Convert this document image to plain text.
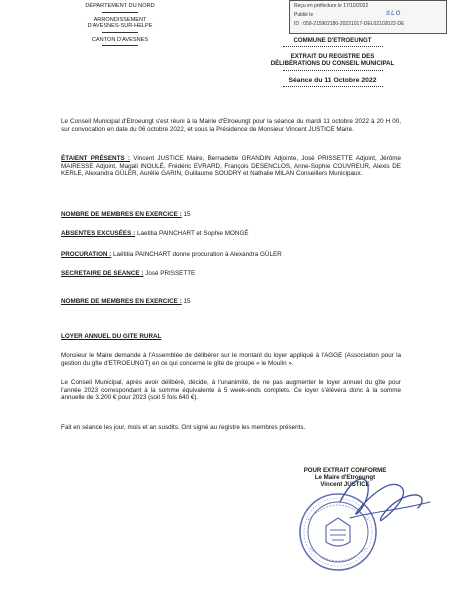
Reçu en préfecture le 17/10/2022
Publié le	SLO
ID : 059-215902180-20221017-DEL02102022-DE
DÉPARTEMENT DU NORD
ARRONDISSEMENT
D'AVESNES-SUR-HELPE
CANTON D'AVESNES	COMMUNE D'ETROEUNGT
EXTRAIT DU REGISTRE DES
DÉLIBÉRATIONS DU CONSEIL MUNICIPAL
Séance du 11 Octobre 2022
Le Conseil Municipal d'Etroeungt s'est réuni à la Mairie d'Etroeungt pour la séance du mardi 11 octobre 2022 à 20 H 00, sur convocation en date du 06 octobre 2022, et sous la Présidence de Monsieur Vincent JUSTICE Maire.
ÉTAIENT PRÉSENTS : Vincent JUSTICE Maire, Bernadette GRANDIN Adjointe, José PRISSETTE Adjoint, Jérôme MAIRESSE Adjoint, Magali INOULÉ, Frédéric EVRARD, François DESENCLOS, Anne-Sophie COUVREUR, Alexis DE KERLE, Alexandra GÜLER, Aurélie GARIN, Guillaume SOUDRY et Nathalie MILAN Conseillers Municipaux.
NOMBRE DE MEMBRES EN EXERCICE : 15
ABSENTES EXCUSÉES : Laetitia PAINCHART et Sophie MONGÉ
PROCURATION : Laëtitia PAINCHART donne procuration à Alexandra GÜLER
SECRETAIRE DE SEANCE : José PRISSETTE
NOMBRE DE MEMBRES EN EXERCICE : 15
LOYER ANNUEL DU GITE RURAL
Monsieur le Maire demande à l'Assemblée de délibérer sur le montant du loyer appliqué à l'AGGE (Association pour la gestion du gîte d'ETROEUNGT) en ce qui concerne le gîte de groupe « le Moulin ».
Le Conseil Municipal, après avoir délibéré, décide, à l'unanimité, de ne pas augmenter le loyer annuel du gîte pour l'année 2023 correspondant à la somme équivalente à 5 week-ends complets. Ce loyer s'élèvera donc à la somme annuelle de 3.200 € pour 2023 (soit 5 fois 640 €).
Fait en séance les jour, mois et an susdits. Ont signé au registre les membres présents.
POUR EXTRAIT CONFORME
Le Maire d'Etroeungt
Vincent JUSTICE
